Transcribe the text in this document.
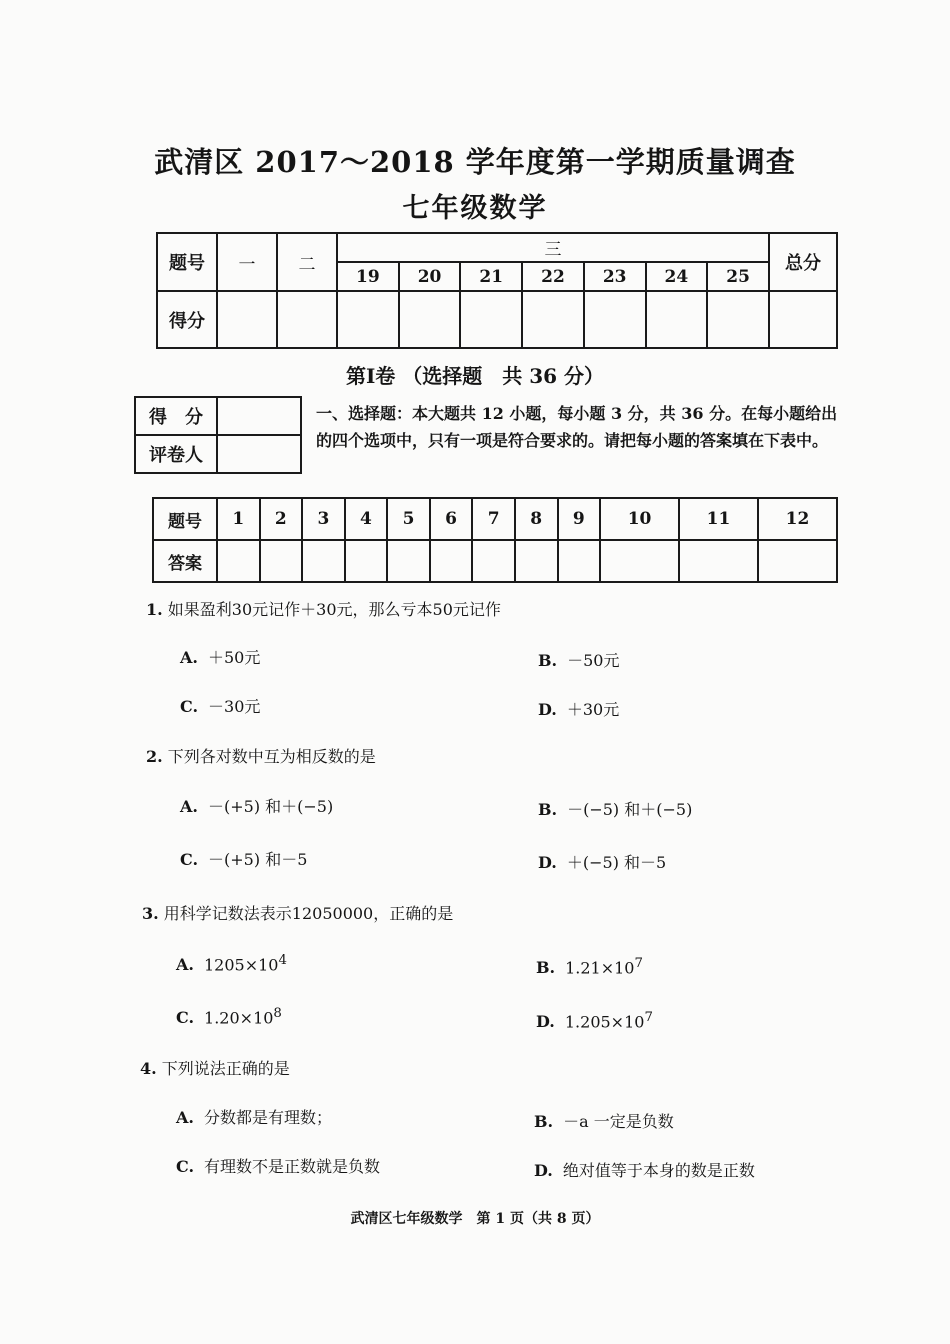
武清区 2017～2018 学年度第一学期质量调查
七年级数学
题号	一	二	三							总分
			19	20	21	22	23	24	25	
得分										
第Ⅰ卷 （选择题　共 36 分）
得　分	
评卷人	
一、选择题：本大题共 12 小题，每小题 3 分，共 36 分。在每小题给出的四个选项中，只有一项是符合要求的。请把每小题的答案填在下表中。
题号	1	2	3	4	5	6	7	8	9	10	11	12
答案												
1. 如果盈利30元记作＋30元，那么亏本50元记作
A. ＋50元	B. －50元
C. －30元	D. ＋30元
2. 下列各对数中互为相反数的是
A. －(+5) 和＋(−5)	B. －(−5) 和＋(−5)
C. －(+5) 和－5	D. ＋(−5) 和－5
3. 用科学记数法表示12050000，正确的是
A. $1205\times 10^4$	B. $1.21\times 10^7$
C. $1.20\times 10^8$	D. $1.205\times 10^7$
4. 下列说法正确的是
A. 分数都是有理数；	B. －a 一定是负数
C. 有理数不是正数就是负数	D. 绝对值等于本身的数是正数
武清区七年级数学　第 1 页（共 8 页）
